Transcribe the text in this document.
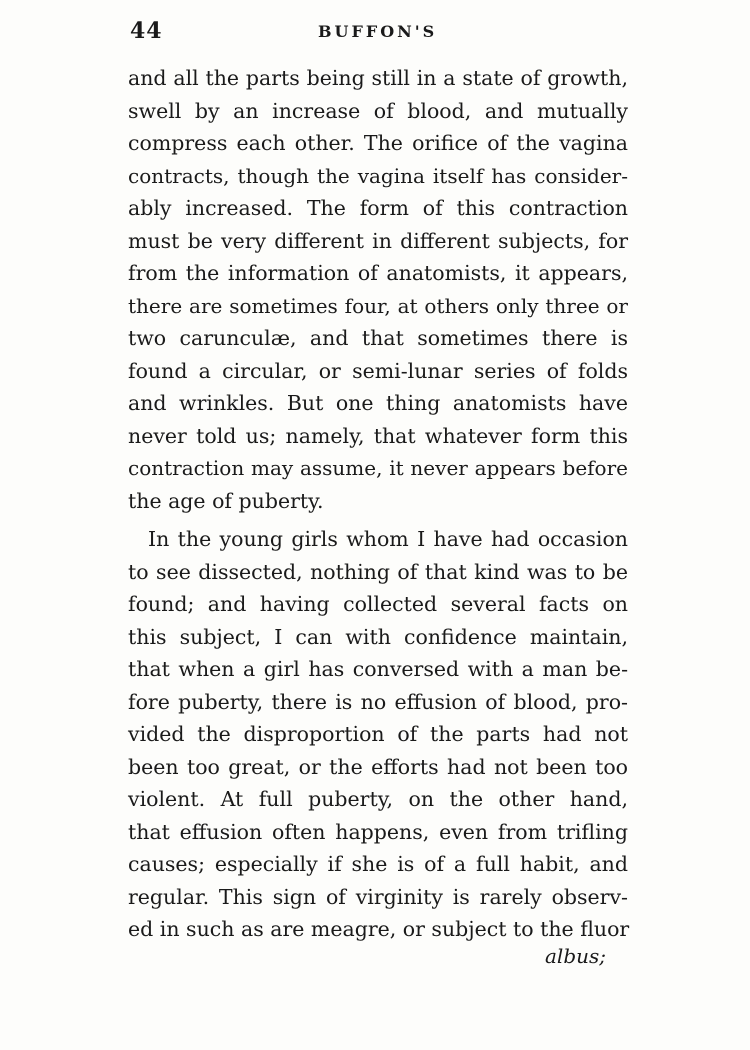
44	BUFFON'S
and all the parts being still in a state of growth,
swell by an increase of blood, and mutually
compress each other. The orifice of the vagina
contracts, though the vagina itself has consider-
ably increased. The form of this contraction
must be very different in different subjects, for
from the information of anatomists, it appears,
there are sometimes four, at others only three or
two carunculæ, and that sometimes there is
found a circular, or semi-lunar series of folds
and wrinkles. But one thing anatomists have
never told us; namely, that whatever form this
contraction may assume, it never appears before
the age of puberty.
In the young girls whom I have had occasion
to see dissected, nothing of that kind was to be
found; and having collected several facts on
this subject, I can with confidence maintain,
that when a girl has conversed with a man be-
fore puberty, there is no effusion of blood, pro-
vided the disproportion of the parts had not
been too great, or the efforts had not been too
violent. At full puberty, on the other hand,
that effusion often happens, even from trifling
causes; especially if she is of a full habit, and
regular. This sign of virginity is rarely observ-
ed in such as are meagre, or subject to the fluor
albus;
